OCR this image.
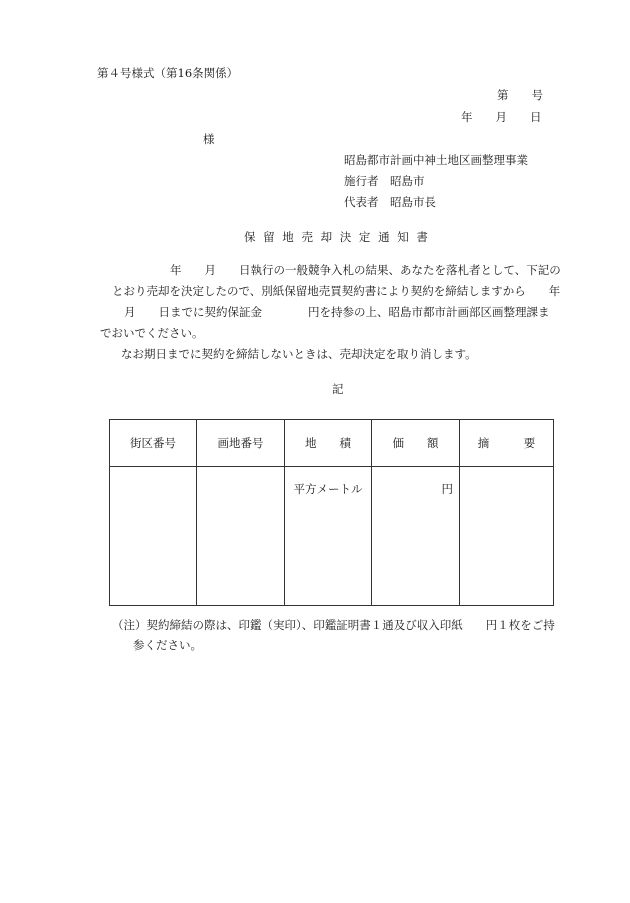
第４号様式（第16条関係）
第　　号
年　　月　　日
様
昭島都市計画中神土地区画整理事業
施行者　昭島市
代表者　昭島市長
保 留 地 売 却 決 定 通 知 書
年　　月　　日執行の一般競争入札の結果、あなたを落札者として、下記の
とおり売却を決定したので、別紙保留地売買契約書により契約を締結しますから　　年
月　　日までに契約保証金　　　　円を持参の上、昭島市都市計画部区画整理課ま
でおいでください。
なお期日までに契約を締結しないときは、売却決定を取り消します。
記
街区番号	画地番号	地　　積	価　　額	摘　　　要

		平方メートル	円	

（注）契約締結の際は、印鑑（実印）、印鑑証明書１通及び収入印紙　　円１枚をご持
参ください。
